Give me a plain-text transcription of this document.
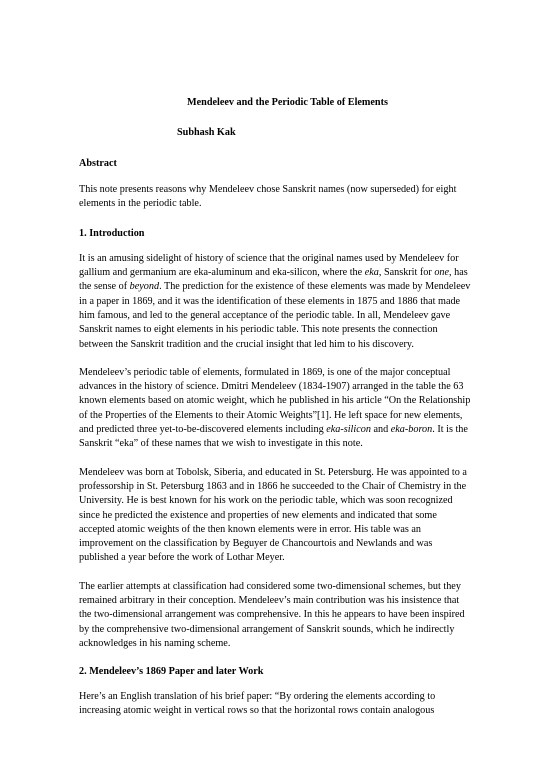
Mendeleev and the Periodic Table of Elements
Subhash Kak
Abstract

This note presents reasons why Mendeleev chose Sanskrit names (now superseded) for eight elements in the periodic table.

1. Introduction

It is an amusing sidelight of history of science that the original names used by Mendeleev for gallium and germanium are eka-aluminum and eka-silicon, where the eka, Sanskrit for one, has the sense of beyond. The prediction for the existence of these elements was made by Mendeleev in a paper in 1869, and it was the identification of these elements in 1875 and 1886 that made him famous, and led to the general acceptance of the periodic table. In all, Mendeleev gave Sanskrit names to eight elements in his periodic table. This note presents the connection between the Sanskrit tradition and the crucial insight that led him to his discovery.

Mendeleev’s periodic table of elements, formulated in 1869, is one of the major conceptual advances in the history of science. Dmitri Mendeleev (1834-1907) arranged in the table the 63 known elements based on atomic weight, which he published in his article “On the Relationship of the Properties of the Elements to their Atomic Weights”[1]. He left space for new elements, and predicted three yet-to-be-discovered elements including eka-silicon and eka-boron. It is the Sanskrit “eka” of these names that we wish to investigate in this note.

Mendeleev was born at Tobolsk, Siberia, and educated in St. Petersburg. He was appointed to a professorship in St. Petersburg 1863 and in 1866 he succeeded to the Chair of Chemistry in the University. He is best known for his work on the periodic table, which was soon recognized since he predicted the existence and properties of new elements and indicated that some accepted atomic weights of the then known elements were in error. His table was an improvement on the classification by Beguyer de Chancourtois and Newlands and was published a year before the work of Lothar Meyer.

The earlier attempts at classification had considered some two-dimensional schemes, but they remained arbitrary in their conception. Mendeleev’s main contribution was his insistence that the two-dimensional arrangement was comprehensive. In this he appears to have been inspired by the comprehensive two-dimensional arrangement of Sanskrit sounds, which he indirectly acknowledges in his naming scheme.

2. Mendeleev’s 1869 Paper and later Work

Here’s an English translation of his brief paper: “By ordering the elements according to increasing atomic weight in vertical rows so that the horizontal rows contain analogous
